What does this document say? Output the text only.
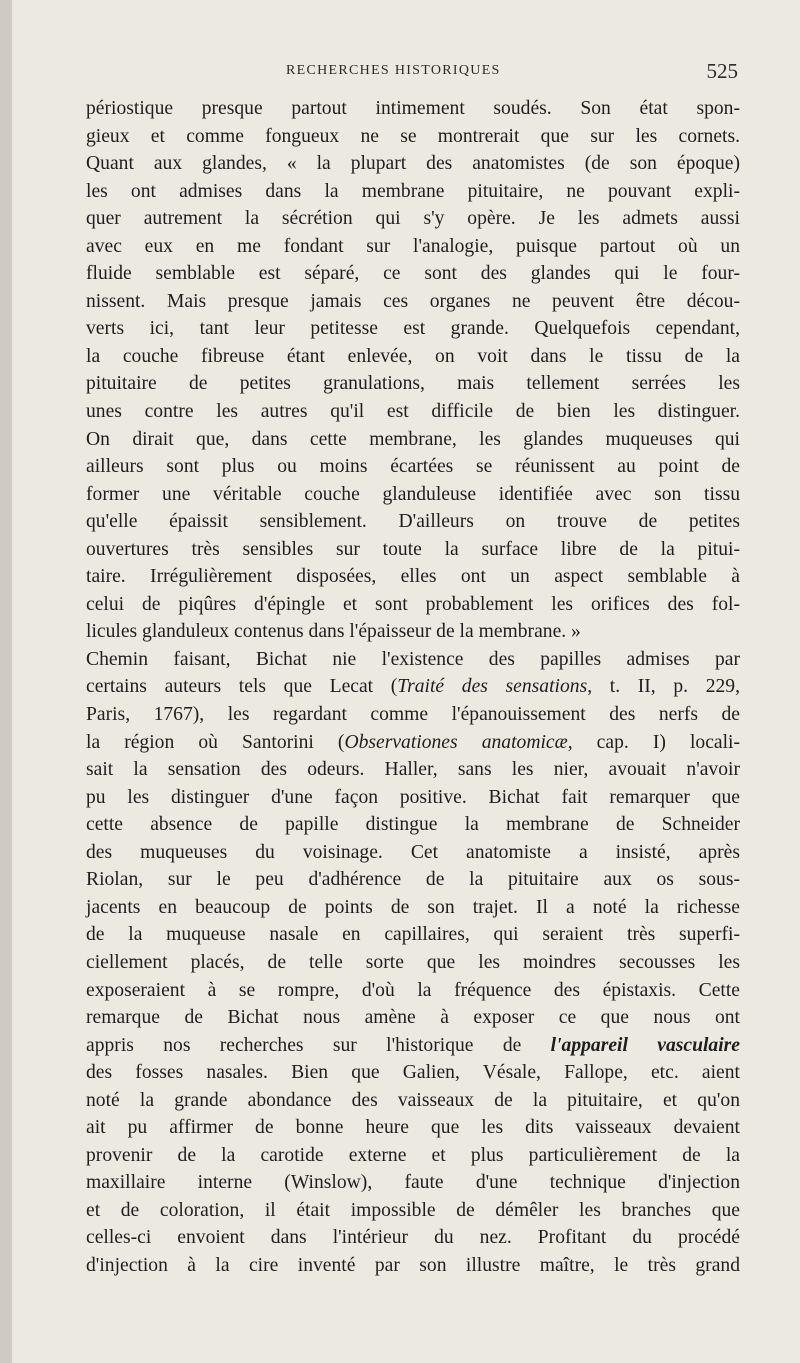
RECHERCHES HISTORIQUES	525
périostique presque partout intimement soudés. Son état spon-
gieux et comme fongueux ne se montrerait que sur les cornets.
Quant aux glandes, « la plupart des anatomistes (de son époque)
les ont admises dans la membrane pituitaire, ne pouvant expli-
quer autrement la sécrétion qui s'y opère. Je les admets aussi
avec eux en me fondant sur l'analogie, puisque partout où un
fluide semblable est séparé, ce sont des glandes qui le four-
nissent. Mais presque jamais ces organes ne peuvent être décou-
verts ici, tant leur petitesse est grande. Quelquefois cependant,
la couche fibreuse étant enlevée, on voit dans le tissu de la
pituitaire de petites granulations, mais tellement serrées les
unes contre les autres qu'il est difficile de bien les distinguer.
On dirait que, dans cette membrane, les glandes muqueuses qui
ailleurs sont plus ou moins écartées se réunissent au point de
former une véritable couche glanduleuse identifiée avec son tissu
qu'elle épaissit sensiblement. D'ailleurs on trouve de petites
ouvertures très sensibles sur toute la surface libre de la pitui-
taire. Irrégulièrement disposées, elles ont un aspect semblable à
celui de piqûres d'épingle et sont probablement les orifices des fol-
licules glanduleux contenus dans l'épaisseur de la membrane. »
Chemin faisant, Bichat nie l'existence des papilles admises par
certains auteurs tels que Lecat (Traité des sensations, t. II, p. 229,
Paris, 1767), les regardant comme l'épanouissement des nerfs de
la région où Santorini (Observationes anatomicæ, cap. I) locali-
sait la sensation des odeurs. Haller, sans les nier, avouait n'avoir
pu les distinguer d'une façon positive. Bichat fait remarquer que
cette absence de papille distingue la membrane de Schneider
des muqueuses du voisinage. Cet anatomiste a insisté, après
Riolan, sur le peu d'adhérence de la pituitaire aux os sous-
jacents en beaucoup de points de son trajet. Il a noté la richesse
de la muqueuse nasale en capillaires, qui seraient très superfi-
ciellement placés, de telle sorte que les moindres secousses les
exposeraient à se rompre, d'où la fréquence des épistaxis. Cette
remarque de Bichat nous amène à exposer ce que nous ont
appris nos recherches sur l'historique de l'appareil vasculaire
des fosses nasales. Bien que Galien, Vésale, Fallope, etc. aient
noté la grande abondance des vaisseaux de la pituitaire, et qu'on
ait pu affirmer de bonne heure que les dits vaisseaux devaient
provenir de la carotide externe et plus particulièrement de la
maxillaire interne (Winslow), faute d'une technique d'injection
et de coloration, il était impossible de démêler les branches que
celles-ci envoient dans l'intérieur du nez. Profitant du procédé
d'injection à la cire inventé par son illustre maître, le très grand
